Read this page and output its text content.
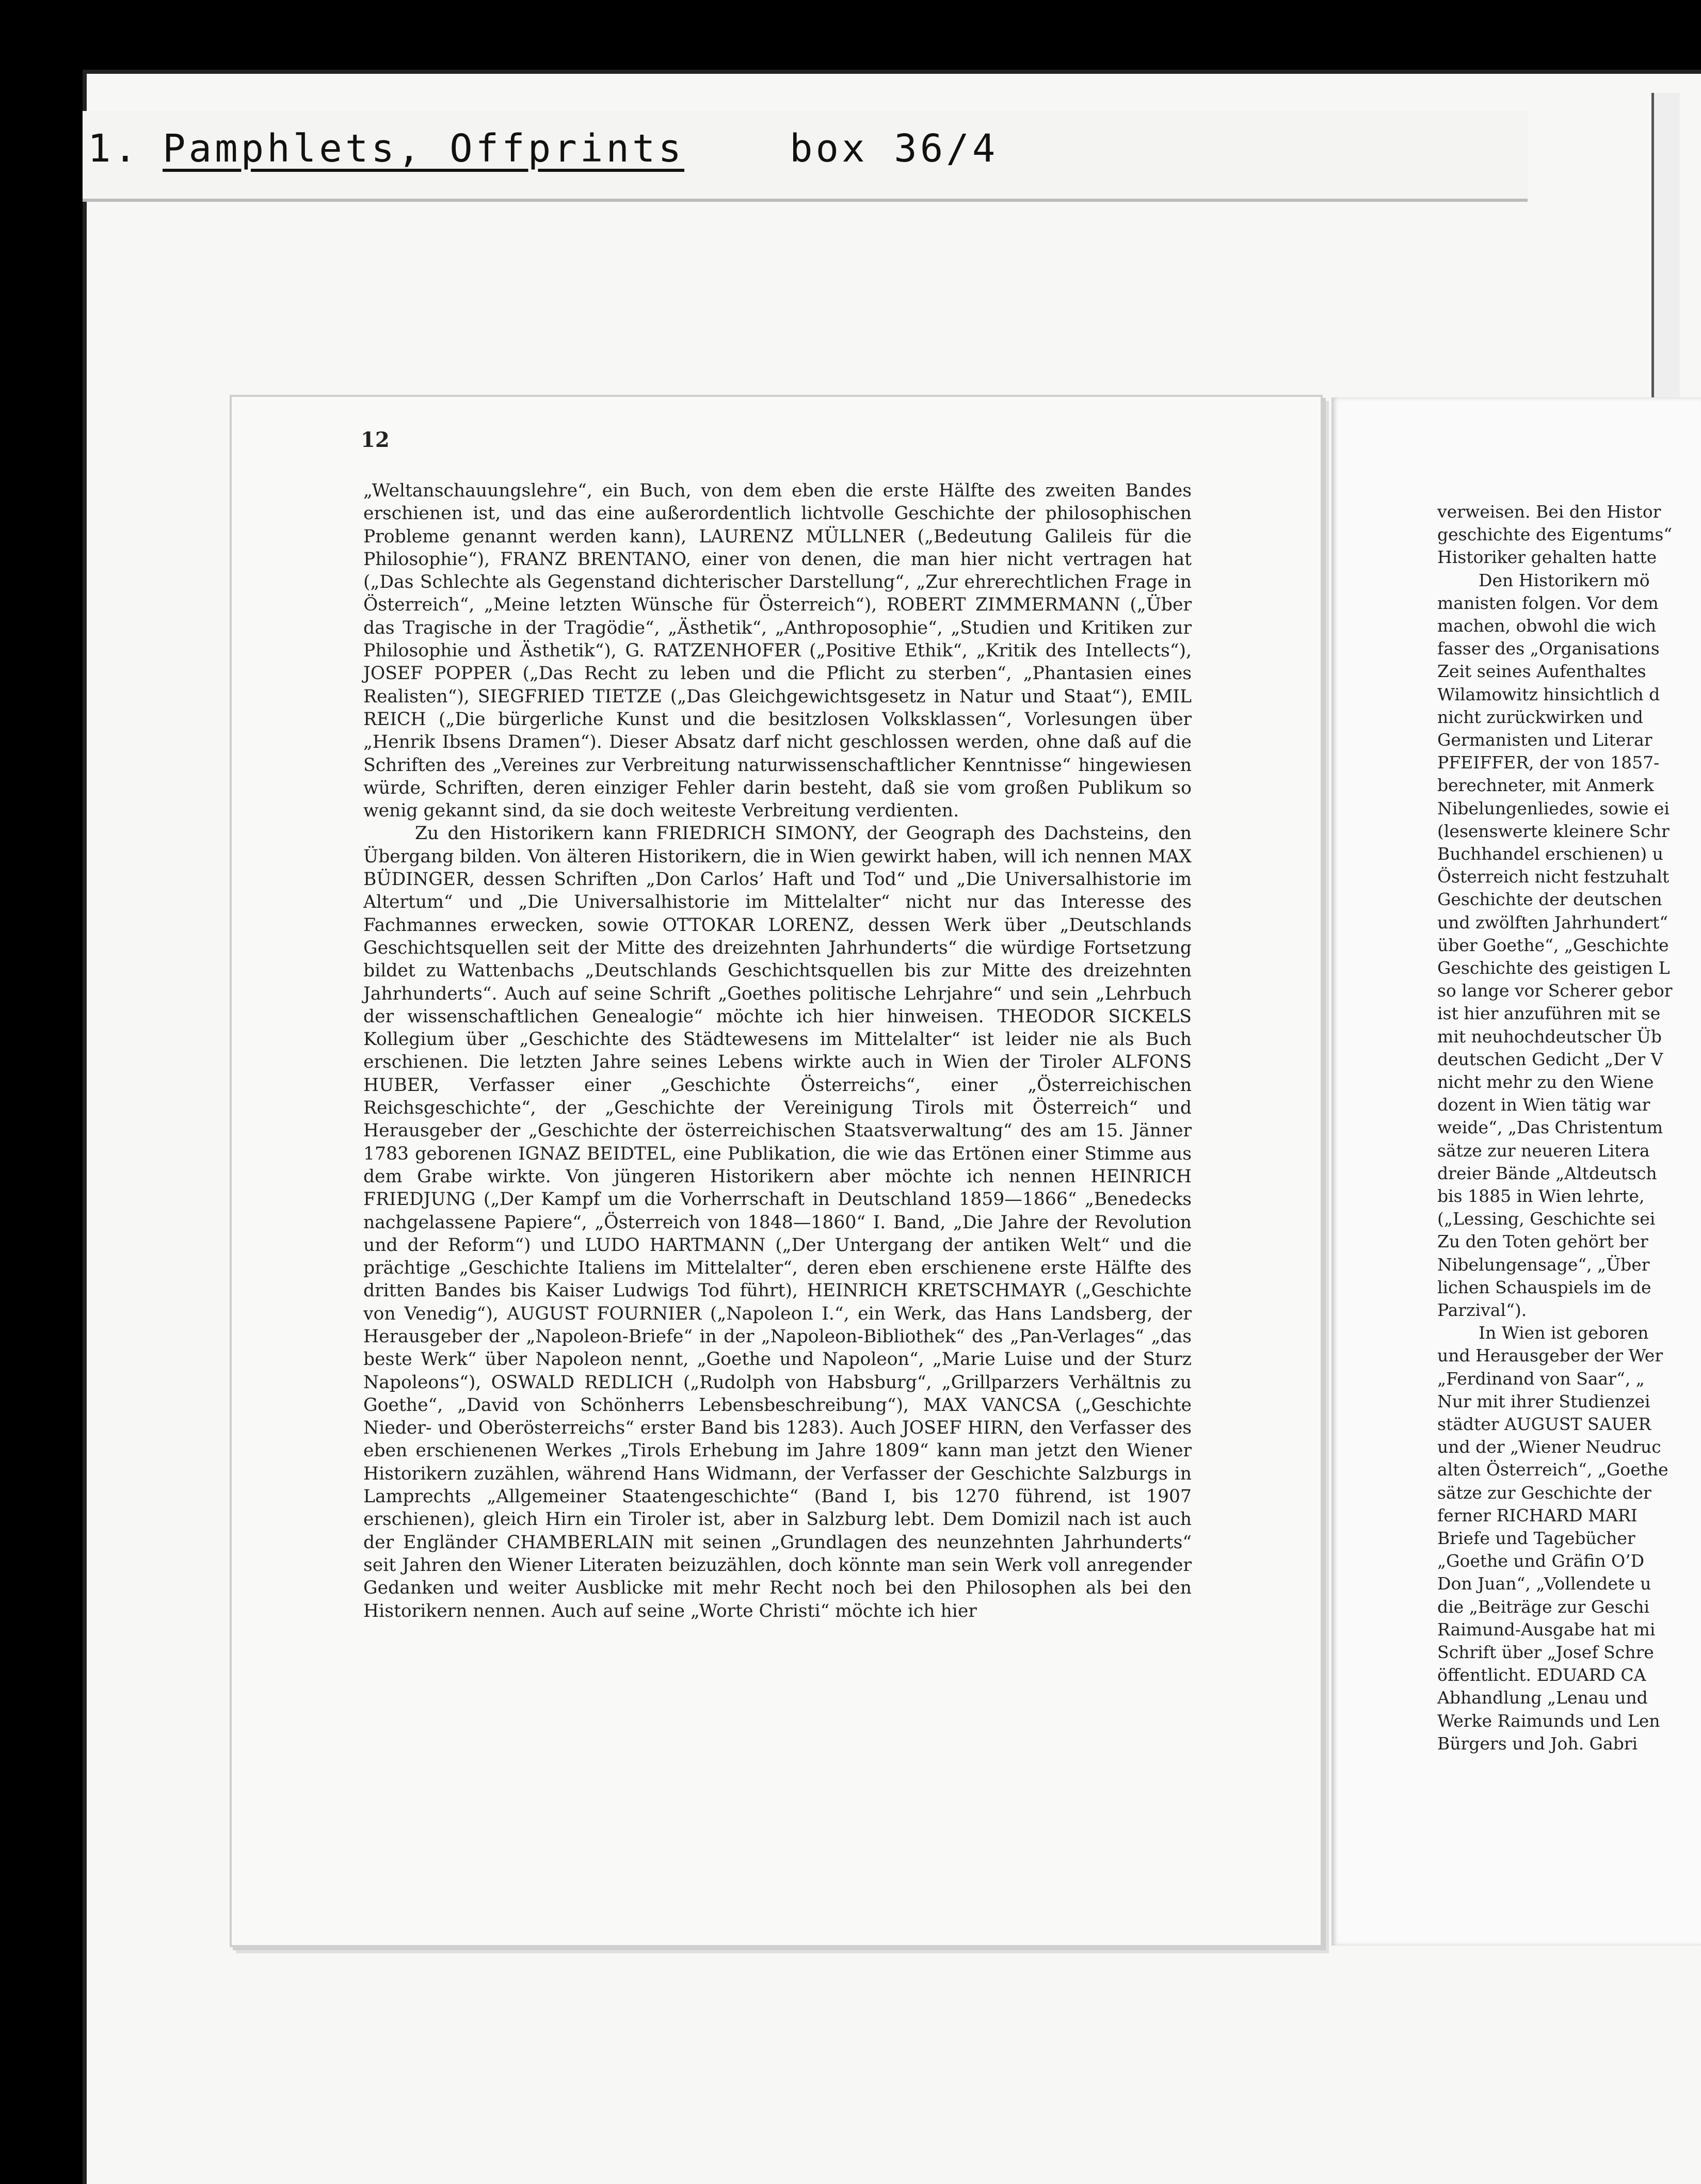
1. Pamphlets, Offprints	box 36/4
verweisen. Bei den Histor
geschichte des Eigentums“
Historiker gehalten hatte
Den Historikern mö
manisten folgen. Vor dem
machen, obwohl die wich
fasser des „Organisations
Zeit seines Aufenthaltes
Wilamowitz hinsichtlich d
nicht zurückwirken und
Germanisten und Literar
PFEIFFER, der von 1857-
berechneter, mit Anmerk
Nibelungenliedes, sowie ei
(lesenswerte kleinere Schr
Buchhandel erschienen) u
Österreich nicht festzuhalt
Geschichte der deutschen
und zwölften Jahrhundert“
über Goethe“, „Geschichte
Geschichte des geistigen L
so lange vor Scherer gebor
ist hier anzuführen mit se
mit neuhochdeutscher Üb
deutschen Gedicht „Der V
nicht mehr zu den Wiene
dozent in Wien tätig war
weide“, „Das Christentum
sätze zur neueren Litera
dreier Bände „Altdeutsch
bis 1885 in Wien lehrte,
(„Lessing, Geschichte sei
Zu den Toten gehört ber
Nibelungensage“, „Über
lichen Schauspiels im de
Parzival“).
In Wien ist geboren
und Herausgeber der Wer
„Ferdinand von Saar“, „
Nur mit ihrer Studienzei
städter AUGUST SAUER
und der „Wiener Neudruc
alten Österreich“, „Goethe
sätze zur Geschichte der
ferner RICHARD MARI
Briefe und Tagebücher
„Goethe und Gräfin O’D
Don Juan“, „Vollendete u
die „Beiträge zur Geschi
Raimund-Ausgabe hat mi
Schrift über „Josef Schre
öffentlicht. EDUARD CA
Abhandlung „Lenau und
Werke Raimunds und Len
Bürgers und Joh. Gabri
12

„Weltanschauungslehre“, ein Buch, von dem eben die erste Hälfte des zweiten Bandes erschienen ist, und das eine außerordentlich lichtvolle Geschichte der philosophischen Probleme genannt werden kann), LAURENZ MÜLLNER („Bedeutung Galileis für die Philosophie“), FRANZ BRENTANO, einer von denen, die man hier nicht vertragen hat („Das Schlechte als Gegenstand dichterischer Darstellung“, „Zur ehrerechtlichen Frage in Österreich“, „Meine letzten Wünsche für Österreich“), ROBERT ZIMMERMANN („Über das Tragische in der Tragödie“, „Ästhetik“, „Anthroposophie“, „Studien und Kritiken zur Philosophie und Ästhetik“), G. RATZENHOFER („Positive Ethik“, „Kritik des Intellects“), JOSEF POPPER („Das Recht zu leben und die Pflicht zu sterben“, „Phantasien eines Realisten“), SIEGFRIED TIETZE („Das Gleichgewichtsgesetz in Natur und Staat“), EMIL REICH („Die bürgerliche Kunst und die besitzlosen Volksklassen“, Vorlesungen über „Henrik Ibsens Dramen“). Dieser Absatz darf nicht geschlossen werden, ohne daß auf die Schriften des „Vereines zur Verbreitung naturwissenschaftlicher Kenntnisse“ hingewiesen würde, Schriften, deren einziger Fehler darin besteht, daß sie vom großen Publikum so wenig gekannt sind, da sie doch weiteste Verbreitung verdienten.

Zu den Historikern kann FRIEDRICH SIMONY, der Geograph des Dachsteins, den Übergang bilden. Von älteren Historikern, die in Wien gewirkt haben, will ich nennen MAX BÜDINGER, dessen Schriften „Don Carlos’ Haft und Tod“ und „Die Universalhistorie im Altertum“ und „Die Universalhistorie im Mittelalter“ nicht nur das Interesse des Fachmannes erwecken, sowie OTTOKAR LORENZ, dessen Werk über „Deutschlands Geschichtsquellen seit der Mitte des dreizehnten Jahrhunderts“ die würdige Fortsetzung bildet zu Wattenbachs „Deutschlands Geschichtsquellen bis zur Mitte des dreizehnten Jahrhunderts“. Auch auf seine Schrift „Goethes politische Lehrjahre“ und sein „Lehrbuch der wissenschaftlichen Genealogie“ möchte ich hier hinweisen. THEODOR SICKELS Kollegium über „Geschichte des Städtewesens im Mittelalter“ ist leider nie als Buch erschienen. Die letzten Jahre seines Lebens wirkte auch in Wien der Tiroler ALFONS HUBER, Verfasser einer „Geschichte Österreichs“, einer „Österreichischen Reichsgeschichte“, der „Geschichte der Vereinigung Tirols mit Österreich“ und Herausgeber der „Geschichte der österreichischen Staatsverwaltung“ des am 15. Jänner 1783 geborenen IGNAZ BEIDTEL, eine Publikation, die wie das Ertönen einer Stimme aus dem Grabe wirkte. Von jüngeren Historikern aber möchte ich nennen HEINRICH FRIEDJUNG („Der Kampf um die Vorherrschaft in Deutschland 1859—1866“ „Benedecks nachgelassene Papiere“, „Österreich von 1848—1860“ I. Band, „Die Jahre der Revolution und der Reform“) und LUDO HARTMANN („Der Untergang der antiken Welt“ und die prächtige „Geschichte Italiens im Mittelalter“, deren eben erschienene erste Hälfte des dritten Bandes bis Kaiser Ludwigs Tod führt), HEINRICH KRETSCHMAYR („Geschichte von Venedig“), AUGUST FOURNIER („Napoleon I.“, ein Werk, das Hans Landsberg, der Herausgeber der „Napoleon-Briefe“ in der „Napoleon-Bibliothek“ des „Pan-Verlages“ „das beste Werk“ über Napoleon nennt, „Goethe und Napoleon“, „Marie Luise und der Sturz Napoleons“), OSWALD REDLICH („Rudolph von Habsburg“, „Grillparzers Verhältnis zu Goethe“, „David von Schönherrs Lebensbeschreibung“), MAX VANCSA („Geschichte Nieder- und Oberösterreichs“ erster Band bis 1283). Auch JOSEF HIRN, den Verfasser des eben erschienenen Werkes „Tirols Erhebung im Jahre 1809“ kann man jetzt den Wiener Historikern zuzählen, während Hans Widmann, der Verfasser der Geschichte Salzburgs in Lamprechts „Allgemeiner Staatengeschichte“ (Band I, bis 1270 führend, ist 1907 erschienen), gleich Hirn ein Tiroler ist, aber in Salzburg lebt. Dem Domizil nach ist auch der Engländer CHAMBERLAIN mit seinen „Grundlagen des neunzehnten Jahrhunderts“ seit Jahren den Wiener Literaten beizuzählen, doch könnte man sein Werk voll anregender Gedanken und weiter Ausblicke mit mehr Recht noch bei den Philosophen als bei den Historikern nennen. Auch auf seine „Worte Christi“ möchte ich hier
